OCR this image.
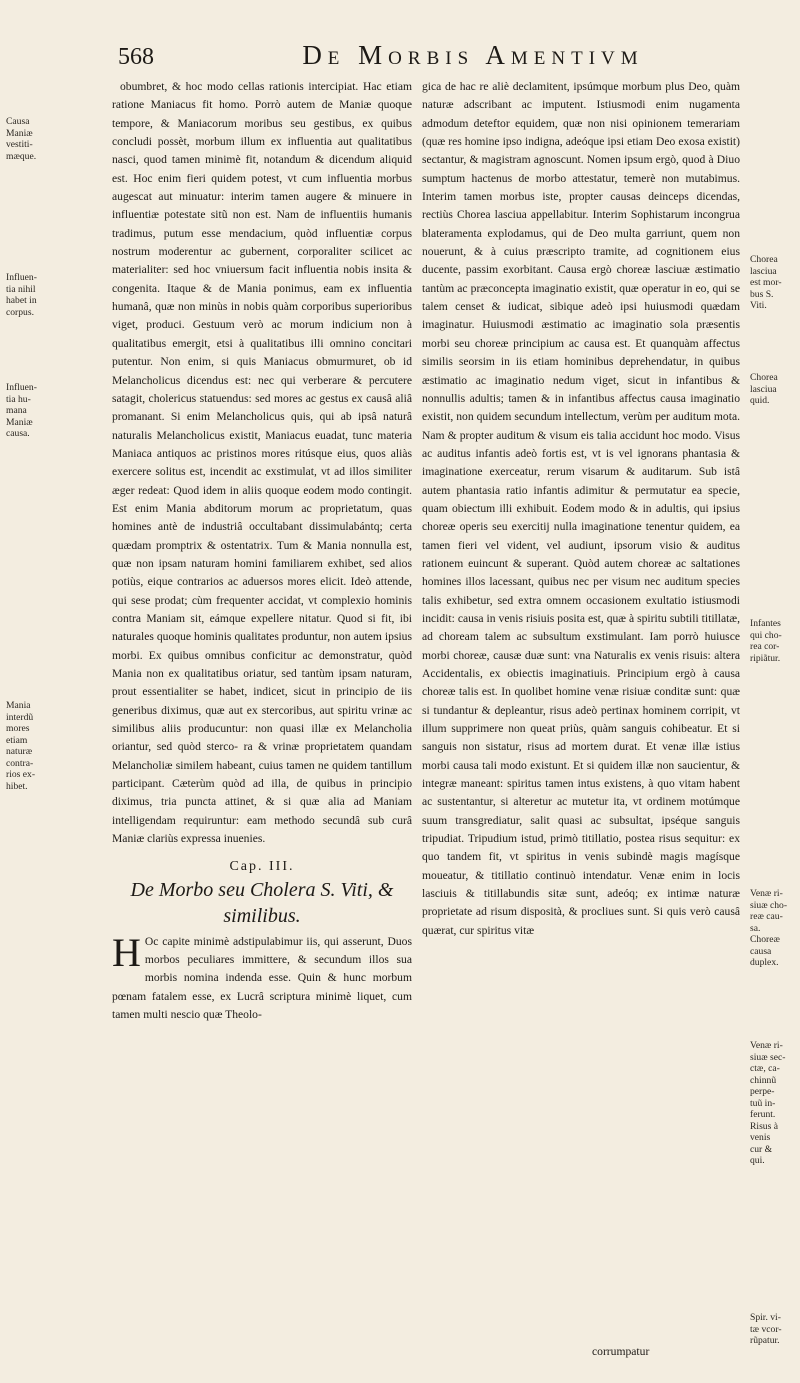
568	De Morbis Amentivm

obumbret, & hoc modo cellas rationis intercipiat. Hac etiam ratione Maniacus fit homo. Porrò autem de Maniæ quoque tempore, & Maniacorum moribus seu gestibus, ex quibus concludi possèt, morbum illum ex influentia aut qualitatibus nasci, quod tamen minimè fit, notandum & dicendum aliquid est. Hoc enim fieri quidem potest, vt cum influentia morbus augescat aut minuatur: interim tamen augere & minuere in influentiæ potestate sitũ non est. Nam de influentiis humanis tradimus, putum esse mendacium, quòd influentiæ corpus nostrum moderentur ac gubernent, corporaliter scilicet ac materialiter: sed hoc vniuersum facit influentia nobis insita & congenita. Itaque & de Mania ponimus, eam ex influentia humanâ, quæ non minùs in nobis quàm corporibus superioribus viget, produci. Gestuum verò ac morum indicium non à qualitatibus emergit, etsi à qualitatibus illi omnino concitari putentur. Non enim, si quis Maniacus obmurmuret, ob id Melancholicus dicendus est: nec qui verberare & percutere satagit, cholericus statuendus: sed mores ac gestus ex causâ aliâ promanant. Si enim Melancholicus quis, qui ab ipsâ naturâ naturalis Melancholicus existit, Maniacus euadat, tunc materia Maniaca antiquos ac pristinos mores ritúsque eius, quos aliàs exercere solitus est, incendit ac exstimulat, vt ad illos similiter æger redeat: Quod idem in aliis quoque eodem modo contingit. Est enim Mania abditorum morum ac proprietatum, quas homines antè de industriâ occultabant dissimulabántq; certa quædam promptrix & ostentatrix. Tum & Mania nonnulla est, quæ non ipsam naturam homini familiarem exhibet, sed alios potiùs, eique contrarios ac aduersos mores elicit. Ideò attende, qui sese prodat; cùm frequenter accidat, vt complexio hominis contra Maniam sit, eámque expellere nitatur. Quod si fit, ibi naturales quoque hominis qualitates produntur, non autem ipsius morbi. Ex quibus omnibus conficitur ac demonstratur, quòd Mania non ex qualitatibus oriatur, sed tantùm ipsam naturam, prout essentialiter se habet, indicet, sicut in principio de iis generibus diximus, quæ aut ex stercoribus, aut spiritu vrinæ ac similibus aliis producuntur: non quasi illæ ex Melancholia oriantur, sed quòd sterco- ra & vrinæ proprietatem quandam Melancholiæ similem habeant, cuius tamen ne quidem tantillum participant. Cæterùm quòd ad illa, de quibus in principio diximus, tria puncta attinet, & si quæ alia ad Maniam intelligendam requiruntur: eam methodo secundâ sub curâ Maniæ clariùs expressa inuenies.

Cap. III.
De Morbo seu Cholera S. Viti, & similibus.

H Oc capite minimè adstipulabimur iis, qui asserunt, Duos morbos peculiares immittere, & secundum illos sua morbis nomina indenda esse. Quin & hunc morbum pœnam fatalem esse, ex Lucrâ scriptura minimè liquet, cum tamen multi nescio quæ Theolo-

gica de hac re aliè declamitent, ipsúmque morbum plus Deo, quàm naturæ adscribant ac imputent. Istiusmodi enim nugamenta admodum deteftor equidem, quæ non nisi opinionem temerariam (quæ res homine ipso indigna, adeóque ipsi etiam Deo exosa existit) sectantur, & magistram agnoscunt. Nomen ipsum ergò, quod à Diuo sumptum hactenus de morbo attestatur, temerè non mutabimus. Interim tamen morbus iste, propter causas deinceps dicendas, rectiùs Chorea lasciua appellabitur. Interim Sophistarum incongrua blateramenta explodamus, qui de Deo multa garriunt, quem non nouerunt, & à cuius præscripto tramite, ad cognitionem eius ducente, passim exorbitant. Causa ergò choreæ lasciuæ æstimatio tantùm ac præconcepta imaginatio existit, quæ operatur in eo, qui se talem censet & iudicat, sibique adeò ipsi huiusmodi quædam imaginatur. Huiusmodi æstimatio ac imaginatio sola præsentis morbi seu choreæ principium ac causa est. Et quanquàm affectus similis seorsim in iis etiam hominibus deprehendatur, in quibus æstimatio ac imaginatio nedum viget, sicut in infantibus & nonnullis adultis; tamen & in infantibus affectus causa imaginatio existit, non quidem secundum intellectum, verùm per auditum mota. Nam & propter auditum & visum eis talia accidunt hoc modo. Visus ac auditus infantis adeò fortis est, vt is vel ignorans phantasia & imaginatione exerceatur, rerum visarum & auditarum. Sub istâ autem phantasia ratio infantis adimitur & permutatur ea specie, quam obiectum illi exhibuit. Eodem modo & in adultis, qui ipsius choreæ operis seu exercitij nulla imaginatione tenentur quidem, ea tamen fieri vel vident, vel audiunt, ipsorum visio & auditus rationem euincunt & superant. Quòd autem choreæ ac saltationes homines illos lacessant, quibus nec per visum nec auditum species talis exhibetur, sed extra omnem occasionem exultatio istiusmodi incidit: causa in venis risiuis posita est, quæ à spiritu subtili titillatæ, ad choream talem ac subsultum exstimulant. Iam porrò huiusce morbi choreæ, causæ duæ sunt: vna Naturalis ex venis risuis: altera Accidentalis, ex obiectis imaginatiuis. Principium ergò à causa choreæ talis est. In quolibet homine venæ risiuæ conditæ sunt: quæ si tundantur & depleantur, risus adeò pertinax hominem corripit, vt illum supprimere non queat priùs, quàm sanguis cohibeatur. Et si sanguis non sistatur, risus ad mortem durat. Et venæ illæ istius morbi causa tali modo existunt. Et si quidem illæ non saucientur, & integræ maneant: spiritus tamen intus existens, à quo vitam habent ac sustentantur, si alteretur ac mutetur ita, vt ordinem motúmque suum transgrediatur, salit quasi ac subsultat, ipséque sanguis tripudiat. Tripudium istud, primò titillatio, postea risus sequitur: ex quo tandem fit, vt spiritus in venis subindè magis magísque moueatur, & titillatio continuò intendatur. Venæ enim in locis lasciuis & titillabundis sitæ sunt, adeóq; ex intimæ naturæ proprietate ad risum disposità, & procliues sunt. Si quis verò causâ quærat, cur spiritus vitæ

Causa
Maniæ
vestiti-
mæque.
Influen-
tia nihil
habet in
corpus.
Influen-
tia hu-
mana
Maniæ
causa.
Mania
interdũ
mores
etiam
naturæ
contra-
rios ex-
hibet.
Chorea
lasciua
est mor-
bus S.
Viti.
Chorea
lasciua
quid.
Infantes
qui cho-
rea cor-
ripiãtur.
Venæ ri-
siuæ cho-
reæ cau-
sa.
Choreæ
causa
duplex.
Venæ ri-
siuæ sec-
ctæ, ca-
chinnũ
perpe-
tuũ in-
ferunt.
Risus à
venis
cur &
qui.
Spir. vi-
tæ vcor-
rũpatur.
corrumpatur
